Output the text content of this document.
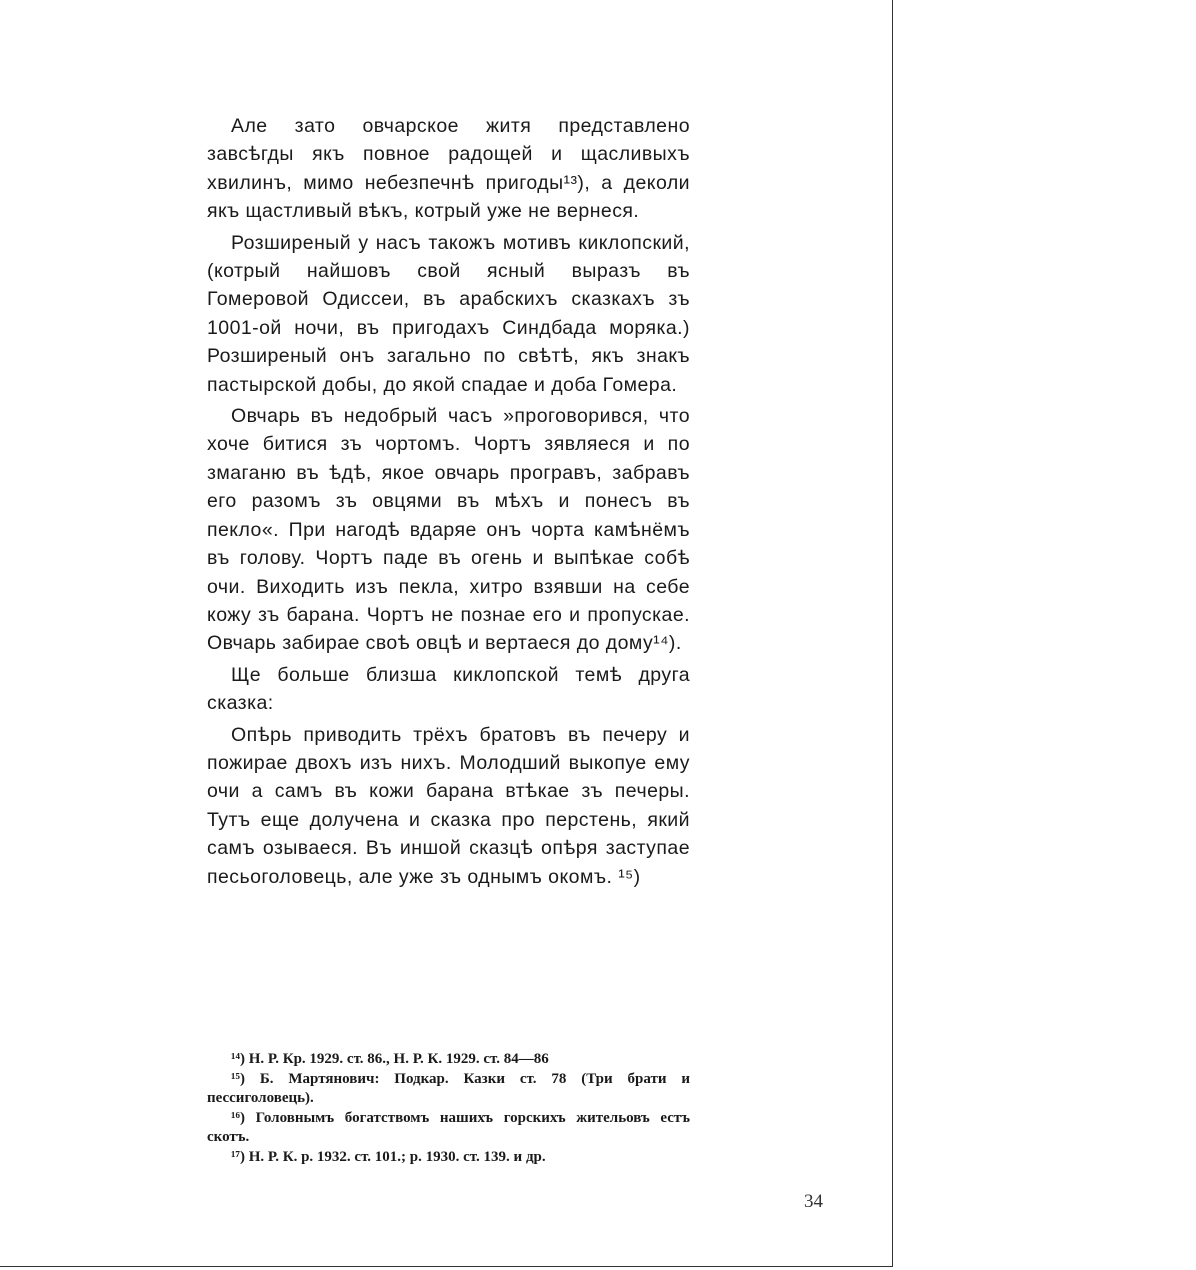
Але зато овчарское житя представлено завсѣгды якъ повное радощей и щасливыхъ хвилинъ, мимо небезпечнѣ пригоды¹³), а деколи якъ щастливый вѣкъ, котрый уже не вернеся.

Розширеный у насъ такожъ мотивъ киклопский, (котрый найшовъ свой ясный выразъ въ Гомеровой Одиссеи, въ арабскихъ сказкахъ зъ 1001-ой ночи, въ пригодахъ Синдбада моряка.) Розширеный онъ загально по свѣтѣ, якъ знакъ пастырской добы, до якой спадае и доба Гомера.

Овчарь въ недобрый часъ »проговорився, что хоче битися зъ чортомъ. Чортъ зявляеся и по змаганю въ ѣдѣ, якое овчарь програвъ, забравъ его разомъ зъ овцями въ мѣхъ и понесъ въ пекло«. При нагодѣ вдаряе онъ чорта камѣнёмъ въ голову. Чортъ паде въ огень и выпѣкае собѣ очи. Виходить изъ пекла, хитро взявши на себе кожу зъ барана. Чортъ не познае его и пропускае. Овчарь забирае своѣ овцѣ и вертаеся до дому¹⁴).

Ще больше близша киклопской темѣ друга сказка:

Опѣрь приводить трёхъ братовъ въ печеру и пожирае двохъ изъ нихъ. Молодший выкопуе ему очи а самъ въ кожи барана втѣкае зъ печеры. Тутъ еще долучена и сказка про перстень, який самъ озываеся. Въ иншой сказцѣ опѣря заступае песьоголовець, але уже зъ однымъ окомъ. ¹⁵)

¹⁴) Н. Р. Кр. 1929. ст. 86., Н. Р. К. 1929. ст. 84—86

¹⁵) Б. Мартянович: Подкар. Казки ст. 78 (Три брати и пессиголовець).

¹⁶) Головнымъ богатствомъ нашихъ горскихъ жительовъ естъ скотъ.

¹⁷) Н. Р. К. р. 1932. ст. 101.; р. 1930. ст. 139. и др.

34
